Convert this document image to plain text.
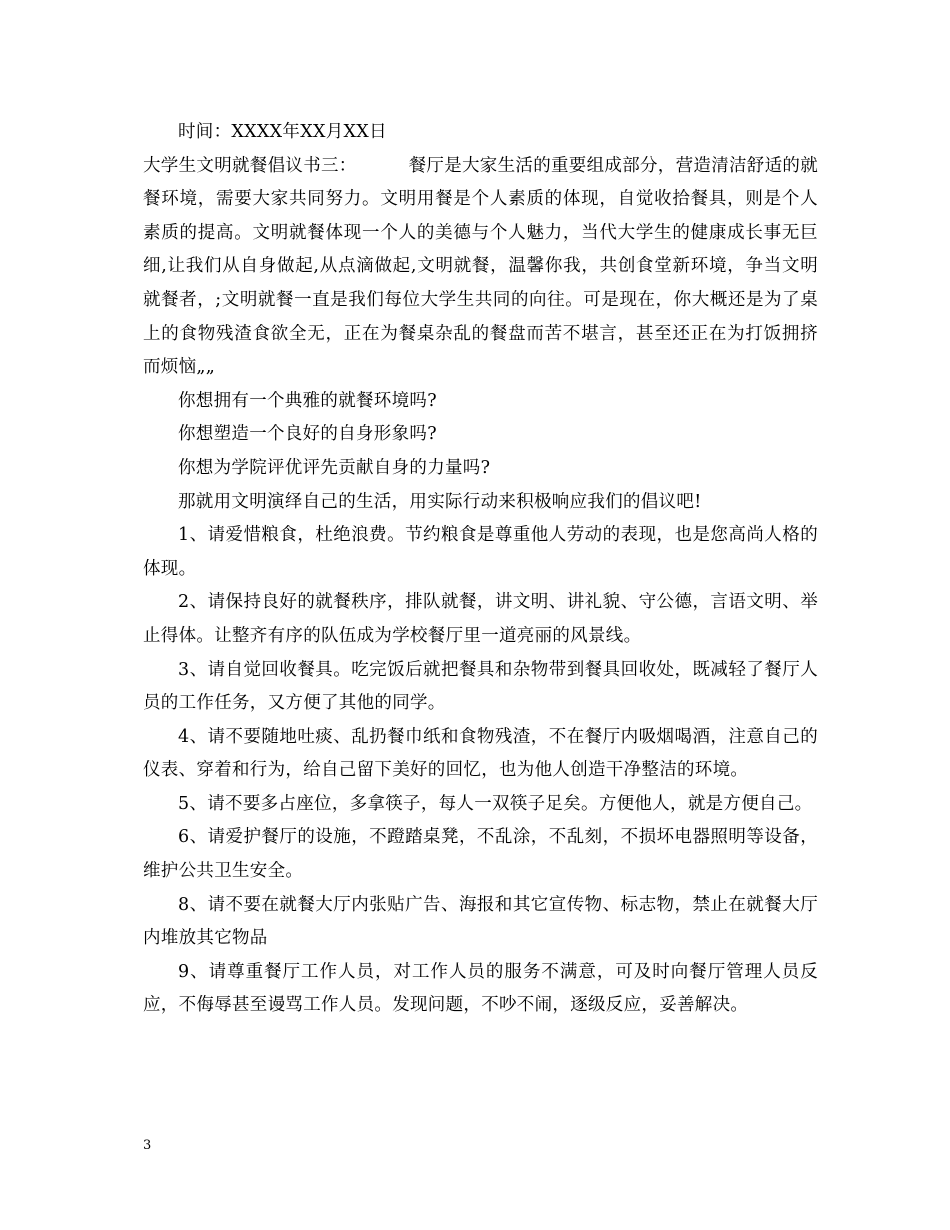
时间：XXXX年XX月XX日

大学生文明就餐倡议书三：	餐厅是大家生活的重要组成部分，营造清洁舒适的就餐环境，需要大家共同努力。文明用餐是个人素质的体现，自觉收拾餐具，则是个人素质的提高。文明就餐体现一个人的美德与个人魅力，当代大学生的健康成长事无巨细,让我们从自身做起,从点滴做起,文明就餐，温馨你我，共创食堂新环境，争当文明就餐者，;文明就餐一直是我们每位大学生共同的向往。可是现在，你大概还是为了桌上的食物残渣食欲全无，正在为餐桌杂乱的餐盘而苦不堪言，甚至还正在为打饭拥挤而烦恼„„

你想拥有一个典雅的就餐环境吗?

你想塑造一个良好的自身形象吗?

你想为学院评优评先贡献自身的力量吗?

那就用文明演绎自己的生活，用实际行动来积极响应我们的倡议吧!

1、请爱惜粮食，杜绝浪费。节约粮食是尊重他人劳动的表现，也是您高尚人格的体现。

2、请保持良好的就餐秩序，排队就餐，讲文明、讲礼貌、守公德，言语文明、举止得体。让整齐有序的队伍成为学校餐厅里一道亮丽的风景线。

3、请自觉回收餐具。吃完饭后就把餐具和杂物带到餐具回收处，既减轻了餐厅人员的工作任务，又方便了其他的同学。

4、请不要随地吐痰、乱扔餐巾纸和食物残渣，不在餐厅内吸烟喝酒，注意自己的仪表、穿着和行为，给自己留下美好的回忆，也为他人创造干净整洁的环境。

5、请不要多占座位，多拿筷子，每人一双筷子足矣。方便他人，就是方便自己。

6、请爱护餐厅的设施，不蹬踏桌凳，不乱涂，不乱刻，不损坏电器照明等设备，维护公共卫生安全。

8、请不要在就餐大厅内张贴广告、海报和其它宣传物、标志物，禁止在就餐大厅内堆放其它物品

9、请尊重餐厅工作人员，对工作人员的服务不满意，可及时向餐厅管理人员反应，不侮辱甚至谩骂工作人员。发现问题，不吵不闹，逐级反应，妥善解决。

3
